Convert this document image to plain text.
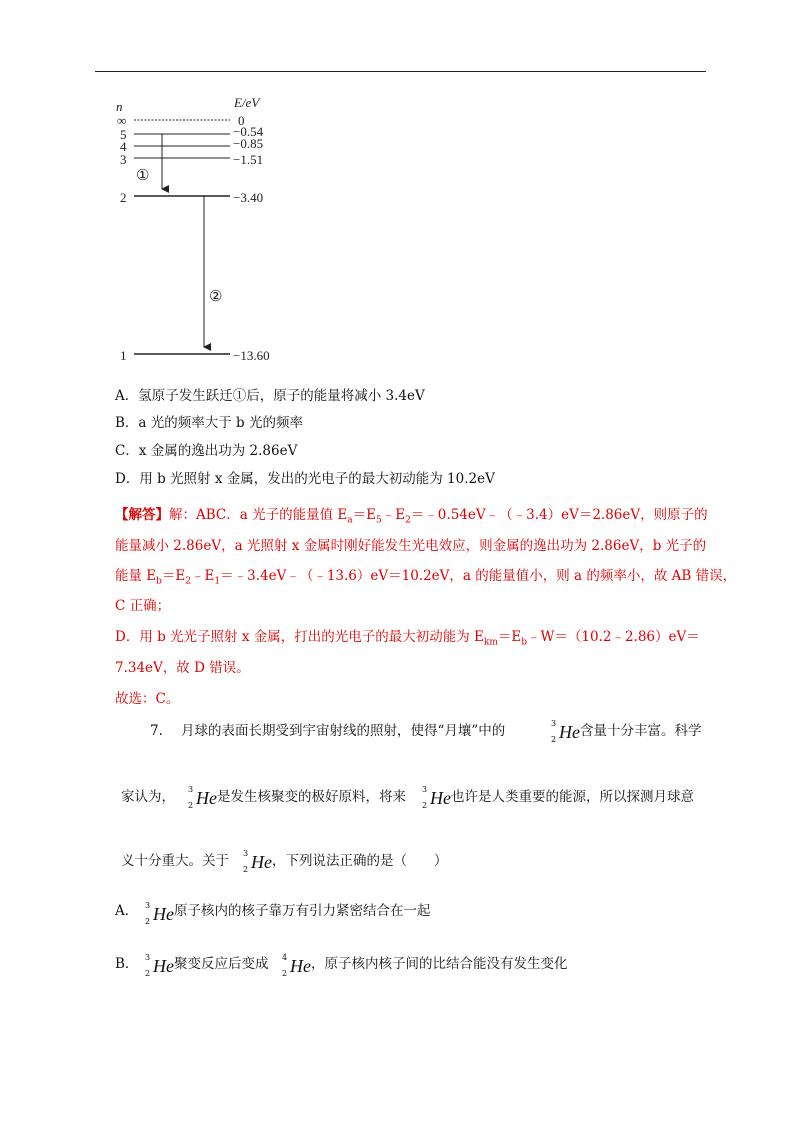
n	E/eV
∞	0
5	−0.54
4	−0.85
3	−1.51
2	−3.40
1	−13.60
①
②
A．氢原子发生跃迁①后，原子的能量将减小 3.4eV
B．a 光的频率大于 b 光的频率
C．x 金属的逸出功为 2.86eV
D．用 b 光照射 x 金属，发出的光电子的最大初动能为 10.2eV
【解答】解：ABC．a 光子的能量值 $E_a=E_5﹣E_2=﹣0.54eV﹣(﹣3.4)eV=2.86eV$，则原子的
能量减小 2.86eV，a 光照射 x 金属时刚好能发生光电效应，则金属的逸出功为 2.86eV，b 光子的
能量 $E_b=E_2﹣E_1=﹣3.4eV﹣(﹣13.6)eV=10.2eV$，a 的能量值小，则 a 的频率小，故 AB 错误，
C 正确；
D．用 b 光光子照射 x 金属，打出的光电子的最大初动能为 $E_{km}=E_b﹣W=(10.2﹣2.86)eV=$
7.34eV，故 D 错误。
故选：C。
7. 月球的表面长期受到宇宙射线的照射，使得“月壤”中的	3
2 He 含量十分丰富。科学
家认为， 3
2 He 是发生核聚变的极好原料，将来 3
2 He 也许是人类重要的能源，所以探测月球意
义十分重大。关于 3
2 He ，下列说法正确的是（　　）
A． 3
2 He 原子核内的核子靠万有引力紧密结合在一起
B． 3
2 He 聚变反应后变成 4
2 He ，原子核内核子间的比结合能没有发生变化
